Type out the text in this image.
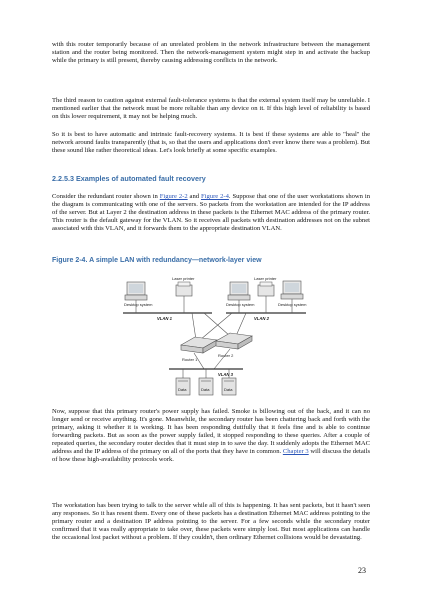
with this router temporarily because of an unrelated problem in the network infrastructure between the management station and the router being monitored. Then the network-management system might step in and activate the backup while the primary is still present, thereby causing addressing conflicts in the network.
The third reason to caution against external fault-tolerance systems is that the external system itself may be unreliable. I mentioned earlier that the network must be more reliable than any device on it. If this high level of reliability is based on this lower requirement, it may not be helping much.
So it is best to have automatic and intrinsic fault-recovery systems. It is best if these systems are able to "heal" the network around faults transparently (that is, so that the users and applications don't ever know there was a problem). But these sound like rather theoretical ideas. Let's look briefly at some specific examples.
2.2.5.3 Examples of automated fault recovery
Consider the redundant router shown in Figure 2-2 and Figure 2-4. Suppose that one of the user workstations shown in the diagram is communicating with one of the servers. So packets from the workstation are intended for the IP address of the server. But at Layer 2 the destination address in these packets is the Ethernet MAC address of the primary router. This router is the default gateway for the VLAN. So it receives all packets with destination addresses not on the subnet associated with this VLAN, and it forwards them to the appropriate destination VLAN.
Figure 2-4. A simple LAN with redundancy—network-layer view
Desktop system
Laser printer
Desktop system
Laser printer
Desktop system
VLAN 1	VLAN 2
Router 1
Router 2
VLAN 3
Data	Data	Data
Now, suppose that this primary router's power supply has failed. Smoke is billowing out of the back, and it can no longer send or receive anything. It's gone. Meanwhile, the secondary router has been chattering back and forth with the primary, asking it whether it is working. It has been responding dutifully that it feels fine and is able to continue forwarding packets. But as soon as the power supply failed, it stopped responding to these queries. After a couple of repeated queries, the secondary router decides that it must step in to save the day. It suddenly adopts the Ethernet MAC address and the IP address of the primary on all of the ports that they have in common. Chapter 3 will discuss the details of how these high-availability protocols work.
The workstation has been trying to talk to the server while all of this is happening. It has sent packets, but it hasn't seen any responses. So it has resent them. Every one of these packets has a destination Ethernet MAC address pointing to the primary router and a destination IP address pointing to the server. For a few seconds while the secondary router confirmed that it was really appropriate to take over, these packets were simply lost. But most applications can handle the occasional lost packet without a problem. If they couldn't, then ordinary Ethernet collisions would be devastating.
23
